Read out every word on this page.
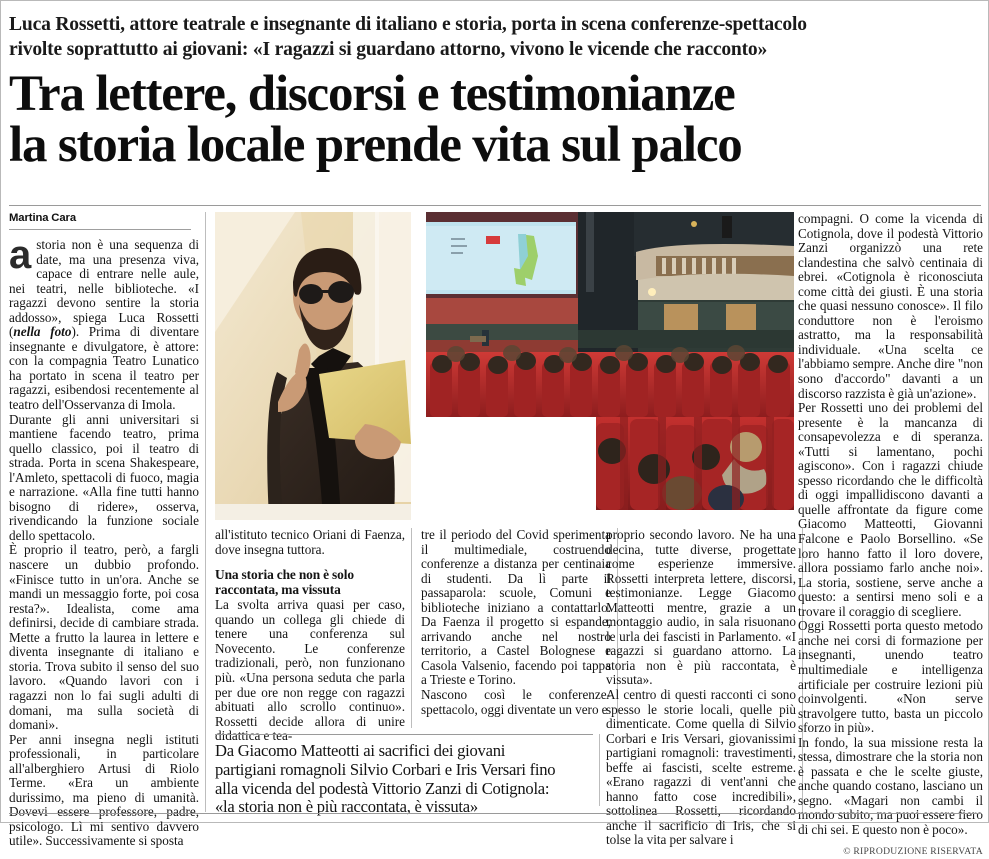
Luca Rossetti, attore teatrale e insegnante di italiano e storia, porta in scena conferenze-spettacolo
rivolte soprattutto ai giovani: «I ragazzi si guardano attorno, vivono le vicende che racconto»
Tra lettere, discorsi e testimonianze
la storia locale prende vita sul palco
Martina Cara

astoria non è una sequenza di date, ma una presenza viva, capace di entrare nelle aule, nei teatri, nelle biblioteche. «I ragazzi devono sentire la storia addosso», spiega Luca Rossetti (nella foto). Prima di diventare insegnante e divulgatore, è attore: con la compagnia Teatro Lunatico ha portato in scena il teatro per ragazzi, esibendosi recentemente al teatro dell'Osservanza di Imola.

Durante gli anni universitari si mantiene facendo teatro, prima quello classico, poi il teatro di strada. Porta in scena Shakespeare, l'Amleto, spettacoli di fuoco, magia e narrazione. «Alla fine tutti hanno bisogno di ridere», osserva, rivendicando la funzione sociale dello spettacolo.

È proprio il teatro, però, a fargli nascere un dubbio profondo. «Finisce tutto in un'ora. Anche se mandi un messaggio forte, poi cosa resta?». Idealista, come ama definirsi, decide di cambiare strada. Mette a frutto la laurea in lettere e diventa insegnante di italiano e storia. Trova subito il senso del suo lavoro. «Quando lavori con i ragazzi non lo fai sugli adulti di domani, ma sulla società di domani».

Per anni insegna negli istituti professionali, in particolare all'alberghiero Artusi di Riolo Terme. «Era un ambiente durissimo, ma pieno di umanità. Dovevi essere professore, padre, psicologo. Lì mi sentivo davvero utile». Successivamente si sposta

all'istituto tecnico Oriani di Faenza, dove insegna tuttora.

Una storia che non è solo raccontata, ma vissuta

La svolta arriva quasi per caso, quando un collega gli chiede di tenere una conferenza sul Novecento. Le conferenze tradizionali, però, non funzionano più. «Una persona seduta che parla per due ore non regge con ragazzi abituati allo scrollo continuo». Rossetti decide allora di unire didattica e tea-

tre il periodo del Covid sperimenta il multimediale, costruendo conferenze a distanza per centinaia di studenti. Da lì parte il passaparola: scuole, Comuni e biblioteche iniziano a contattarlo. Da Faenza il progetto si espande, arrivando anche nel nostro territorio, a Castel Bolognese e Casola Valsenio, facendo poi tappa a Trieste e Torino.

Nascono così le conferenze-spettacolo, oggi diventate un vero e

proprio secondo lavoro. Ne ha una decina, tutte diverse, progettate come esperienze immersive. Rossetti interpreta lettere, discorsi, testimonianze. Legge Giacomo Matteotti mentre, grazie a un montaggio audio, in sala risuonano le urla dei fascisti in Parlamento. «I ragazzi si guardano attorno. La storia non è più raccontata, è vissuta».

Al centro di questi racconti ci sono spesso le storie locali, quelle più dimenticate. Come quella di Silvio Corbari e Iris Versari, giovanissimi partigiani romagnoli: travestimenti, beffe ai fascisti, scelte estreme. «Erano ragazzi di vent'anni che hanno fatto cose incredibili», sottolinea Rossetti, ricordando anche il sacrificio di Iris, che si tolse la vita per salvare i

compagni. O come la vicenda di Cotignola, dove il podestà Vittorio Zanzi organizzò una rete clandestina che salvò centinaia di ebrei. «Cotignola è riconosciuta come città dei giusti. È una storia che quasi nessuno conosce». Il filo conduttore non è l'eroismo astratto, ma la responsabilità individuale. «Una scelta ce l'abbiamo sempre. Anche dire "non sono d'accordo" davanti a un discorso razzista è già un'azione».

Per Rossetti uno dei problemi del presente è la mancanza di consapevolezza e di speranza. «Tutti si lamentano, pochi agiscono». Con i ragazzi chiude spesso ricordando che le difficoltà di oggi impallidiscono davanti a quelle affrontate da figure come Giacomo Matteotti, Giovanni Falcone e Paolo Borsellino. «Se loro hanno fatto il loro dovere, allora possiamo farlo anche noi». La storia, sostiene, serve anche a questo: a sentirsi meno soli e a trovare il coraggio di scegliere.

Oggi Rossetti porta questo metodo anche nei corsi di formazione per insegnanti, unendo teatro multimediale e intelligenza artificiale per costruire lezioni più coinvolgenti. «Non serve stravolgere tutto, basta un piccolo sforzo in più».

In fondo, la sua missione resta la stessa, dimostrare che la storia non è passata e che le scelte giuste, anche quando costano, lasciano un segno. «Magari non cambi il mondo subito, ma puoi essere fiero di chi sei. E questo non è poco».

© RIPRODUZIONE RISERVATA
Da Giacomo Matteotti ai sacrifici dei giovani
partigiani romagnoli Silvio Corbari e Iris Versari fino
alla vicenda del podestà Vittorio Zanzi di Cotignola:
«la storia non è più raccontata, è vissuta»
